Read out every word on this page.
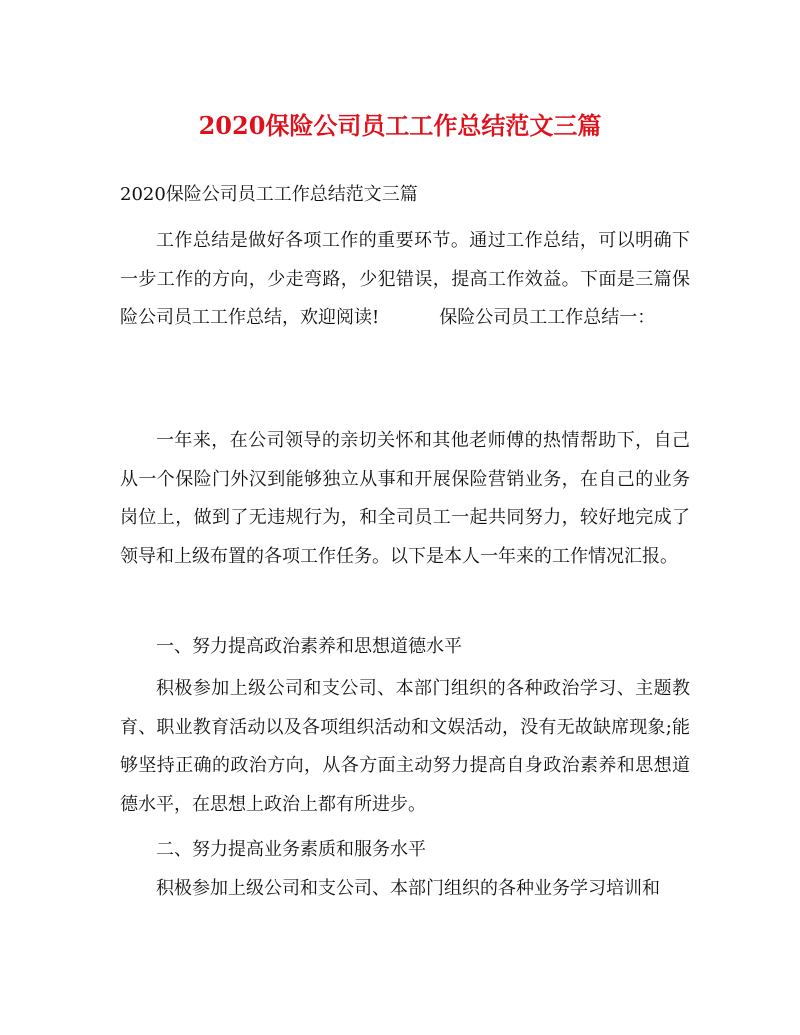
2020保险公司员工工作总结范文三篇

2020保险公司员工工作总结范文三篇

工作总结是做好各项工作的重要环节。通过工作总结，可以明确下一步工作的方向，少走弯路，少犯错误，提高工作效益。下面是三篇保险公司员工工作总结，欢迎阅读!	保险公司员工工作总结一：

一年来，在公司领导的亲切关怀和其他老师傅的热情帮助下，自己从一个保险门外汉到能够独立从事和开展保险营销业务，在自己的业务岗位上，做到了无违规行为，和全司员工一起共同努力，较好地完成了领导和上级布置的各项工作任务。以下是本人一年来的工作情况汇报。

一、努力提高政治素养和思想道德水平

积极参加上级公司和支公司、本部门组织的各种政治学习、主题教育、职业教育活动以及各项组织活动和文娱活动，没有无故缺席现象;能够坚持正确的政治方向，从各方面主动努力提高自身政治素养和思想道德水平，在思想上政治上都有所进步。

二、努力提高业务素质和服务水平

积极参加上级公司和支公司、本部门组织的各种业务学习培训和
